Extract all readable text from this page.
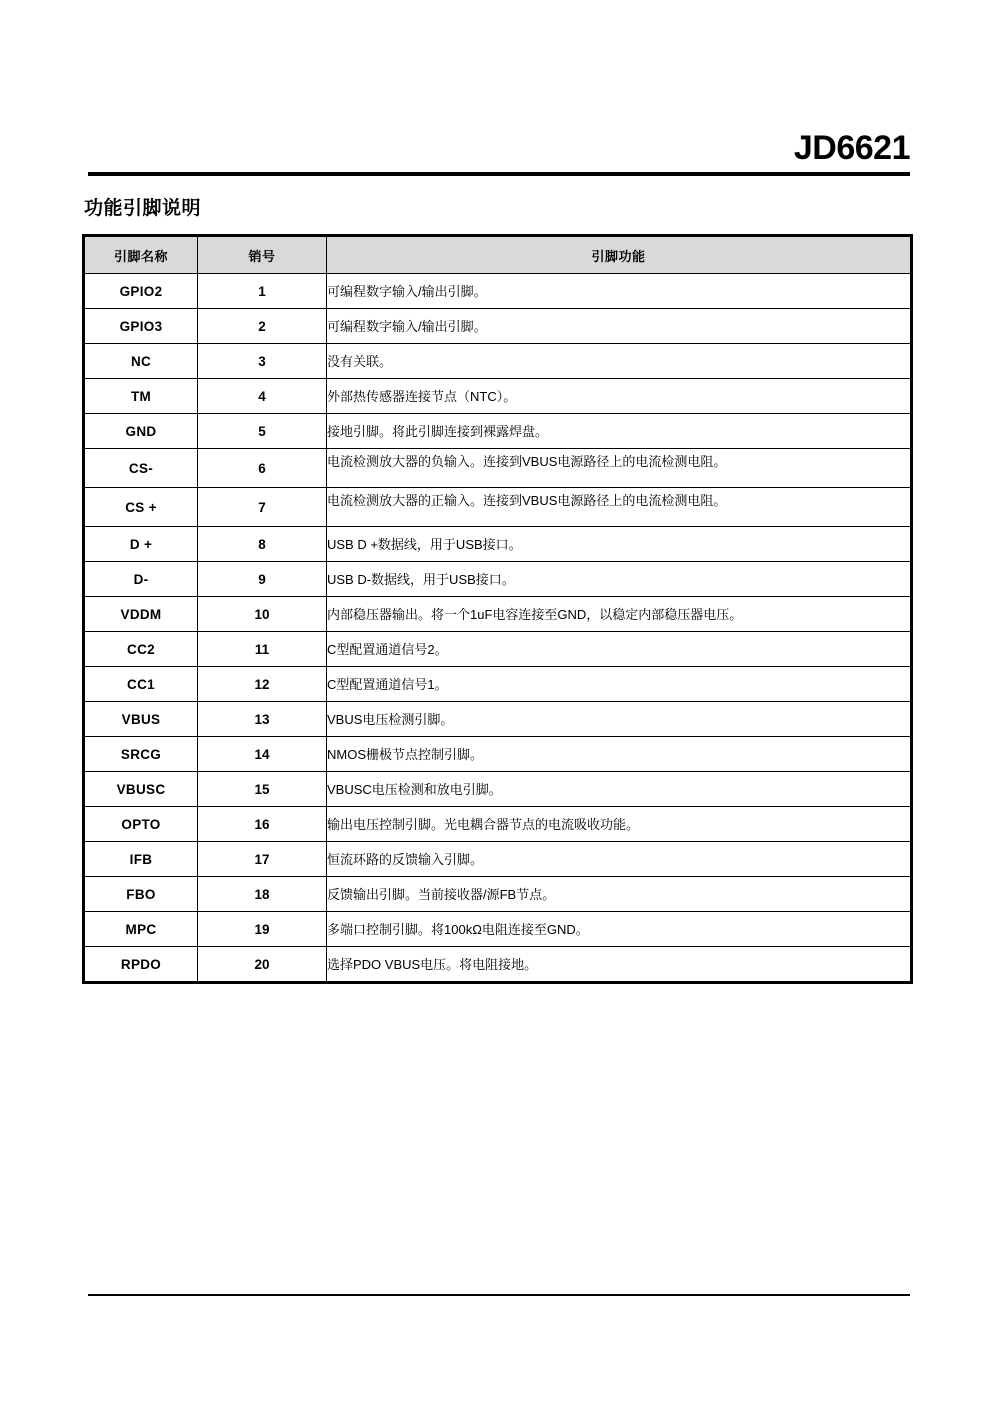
JD6621
功能引脚说明
引脚名称	销号	引脚功能
GPIO2	1	可编程数字输入/输出引脚。
GPIO3	2	可编程数字输入/输出引脚。
NC	3	没有关联。
TM	4	外部热传感器连接节点（NTC）。
GND	5	接地引脚。将此引脚连接到裸露焊盘。
CS-	6	电流检测放大器的负输入。连接到VBUS电源路径上的电流检测电阻。
CS +	7	电流检测放大器的正输入。连接到VBUS电源路径上的电流检测电阻。
D +	8	USB D +数据线，用于USB接口。
D-	9	USB D-数据线，用于USB接口。
VDDM	10	内部稳压器输出。将一个1uF电容连接至GND，以稳定内部稳压器电压。
CC2	11	C型配置通道信号2。
CC1	12	C型配置通道信号1。
VBUS	13	VBUS电压检测引脚。
SRCG	14	NMOS栅极节点控制引脚。
VBUSC	15	VBUSC电压检测和放电引脚。
OPTO	16	输出电压控制引脚。光电耦合器节点的电流吸收功能。
IFB	17	恒流环路的反馈输入引脚。
FBO	18	反馈输出引脚。当前接收器/源FB节点。
MPC	19	多端口控制引脚。将100kΩ电阻连接至GND。
RPDO	20	选择PDO VBUS电压。将电阻接地。
